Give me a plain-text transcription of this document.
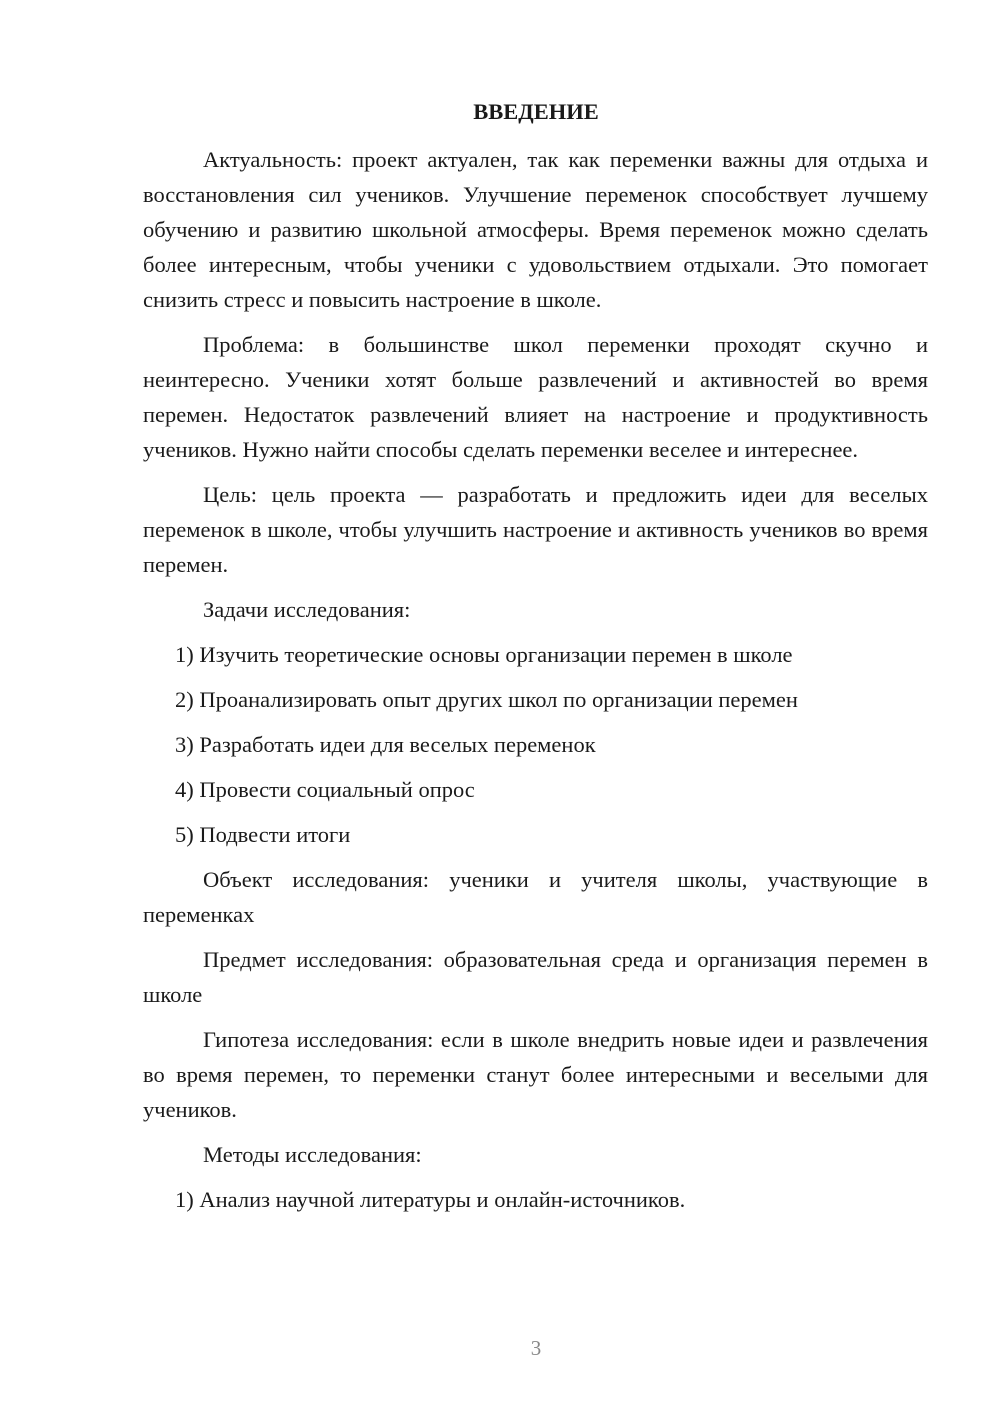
ВВЕДЕНИЕ

Актуальность: проект актуален, так как переменки важны для отдыха и восстановления сил учеников. Улучшение переменок способствует лучшему обучению и развитию школьной атмосферы. Время переменок можно сделать более интересным, чтобы ученики с удовольствием отдыхали. Это помогает снизить стресс и повысить настроение в школе.

Проблема: в большинстве школ переменки проходят скучно и неинтересно. Ученики хотят больше развлечений и активностей во время перемен. Недостаток развлечений влияет на настроение и продуктивность учеников. Нужно найти способы сделать переменки веселее и интереснее.

Цель: цель проекта — разработать и предложить идеи для веселых переменок в школе, чтобы улучшить настроение и активность учеников во время перемен.

Задачи исследования:

1) Изучить теоретические основы организации перемен в школе

2) Проанализировать опыт других школ по организации перемен

3) Разработать идеи для веселых переменок

4) Провести социальный опрос

5) Подвести итоги

Объект исследования: ученики и учителя школы, участвующие в переменках

Предмет исследования: образовательная среда и организация перемен в школе

Гипотеза исследования: если в школе внедрить новые идеи и развлечения во время перемен, то переменки станут более интересными и веселыми для учеников.

Методы исследования:

1) Анализ научной литературы и онлайн-источников.

3
